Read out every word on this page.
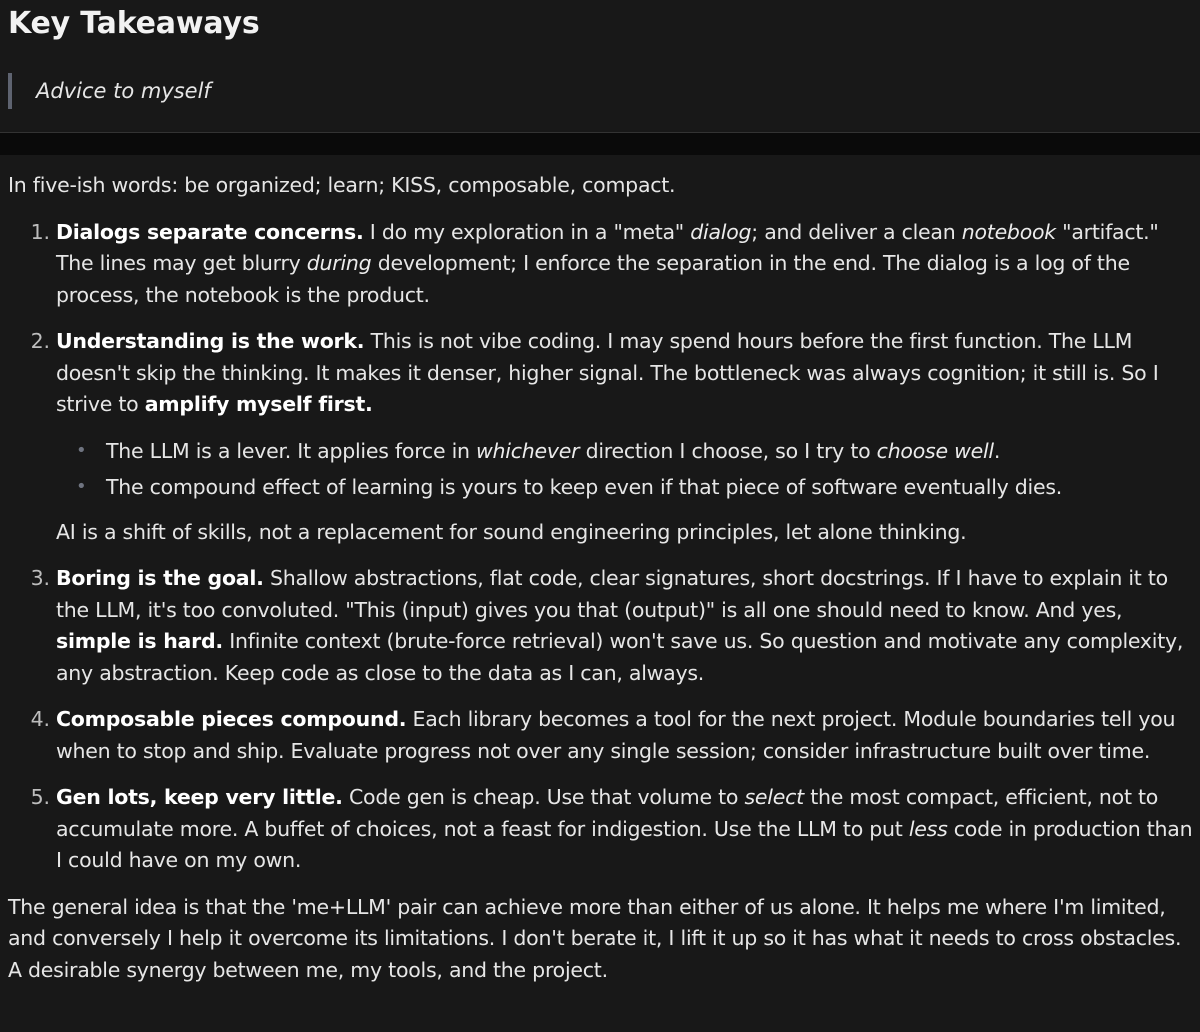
Key Takeaways
Advice to myself

In five-ish words: be organized; learn; KISS, composable, compact.

1. Dialogs separate concerns. I do my exploration in a "meta" dialog; and deliver a clean notebook "artifact." The lines may get blurry during development; I enforce the separation in the end. The dialog is a log of the process, the notebook is the product.
2. Understanding is the work. This is not vibe coding. I may spend hours before the first function. The LLM doesn't skip the thinking. It makes it denser, higher signal. The bottleneck was always cognition; it still is. So I strive to amplify myself first.
• The LLM is a lever. It applies force in whichever direction I choose, so I try to choose well.
• The compound effect of learning is yours to keep even if that piece of software eventually dies.

AI is a shift of skills, not a replacement for sound engineering principles, let alone thinking.

3. Boring is the goal. Shallow abstractions, flat code, clear signatures, short docstrings. If I have to explain it to the LLM, it's too convoluted. "This (input) gives you that (output)" is all one should need to know. And yes, simple is hard. Infinite context (brute-force retrieval) won't save us. So question and motivate any complexity, any abstraction. Keep code as close to the data as I can, always.
4. Composable pieces compound. Each library becomes a tool for the next project. Module boundaries tell you when to stop and ship. Evaluate progress not over any single session; consider infrastructure built over time.
5. Gen lots, keep very little. Code gen is cheap. Use that volume to select the most compact, efficient, not to accumulate more. A buffet of choices, not a feast for indigestion. Use the LLM to put less code in production than I could have on my own.

The general idea is that the 'me+LLM' pair can achieve more than either of us alone. It helps me where I'm limited, and conversely I help it overcome its limitations. I don't berate it, I lift it up so it has what it needs to cross obstacles. A desirable synergy between me, my tools, and the project.
